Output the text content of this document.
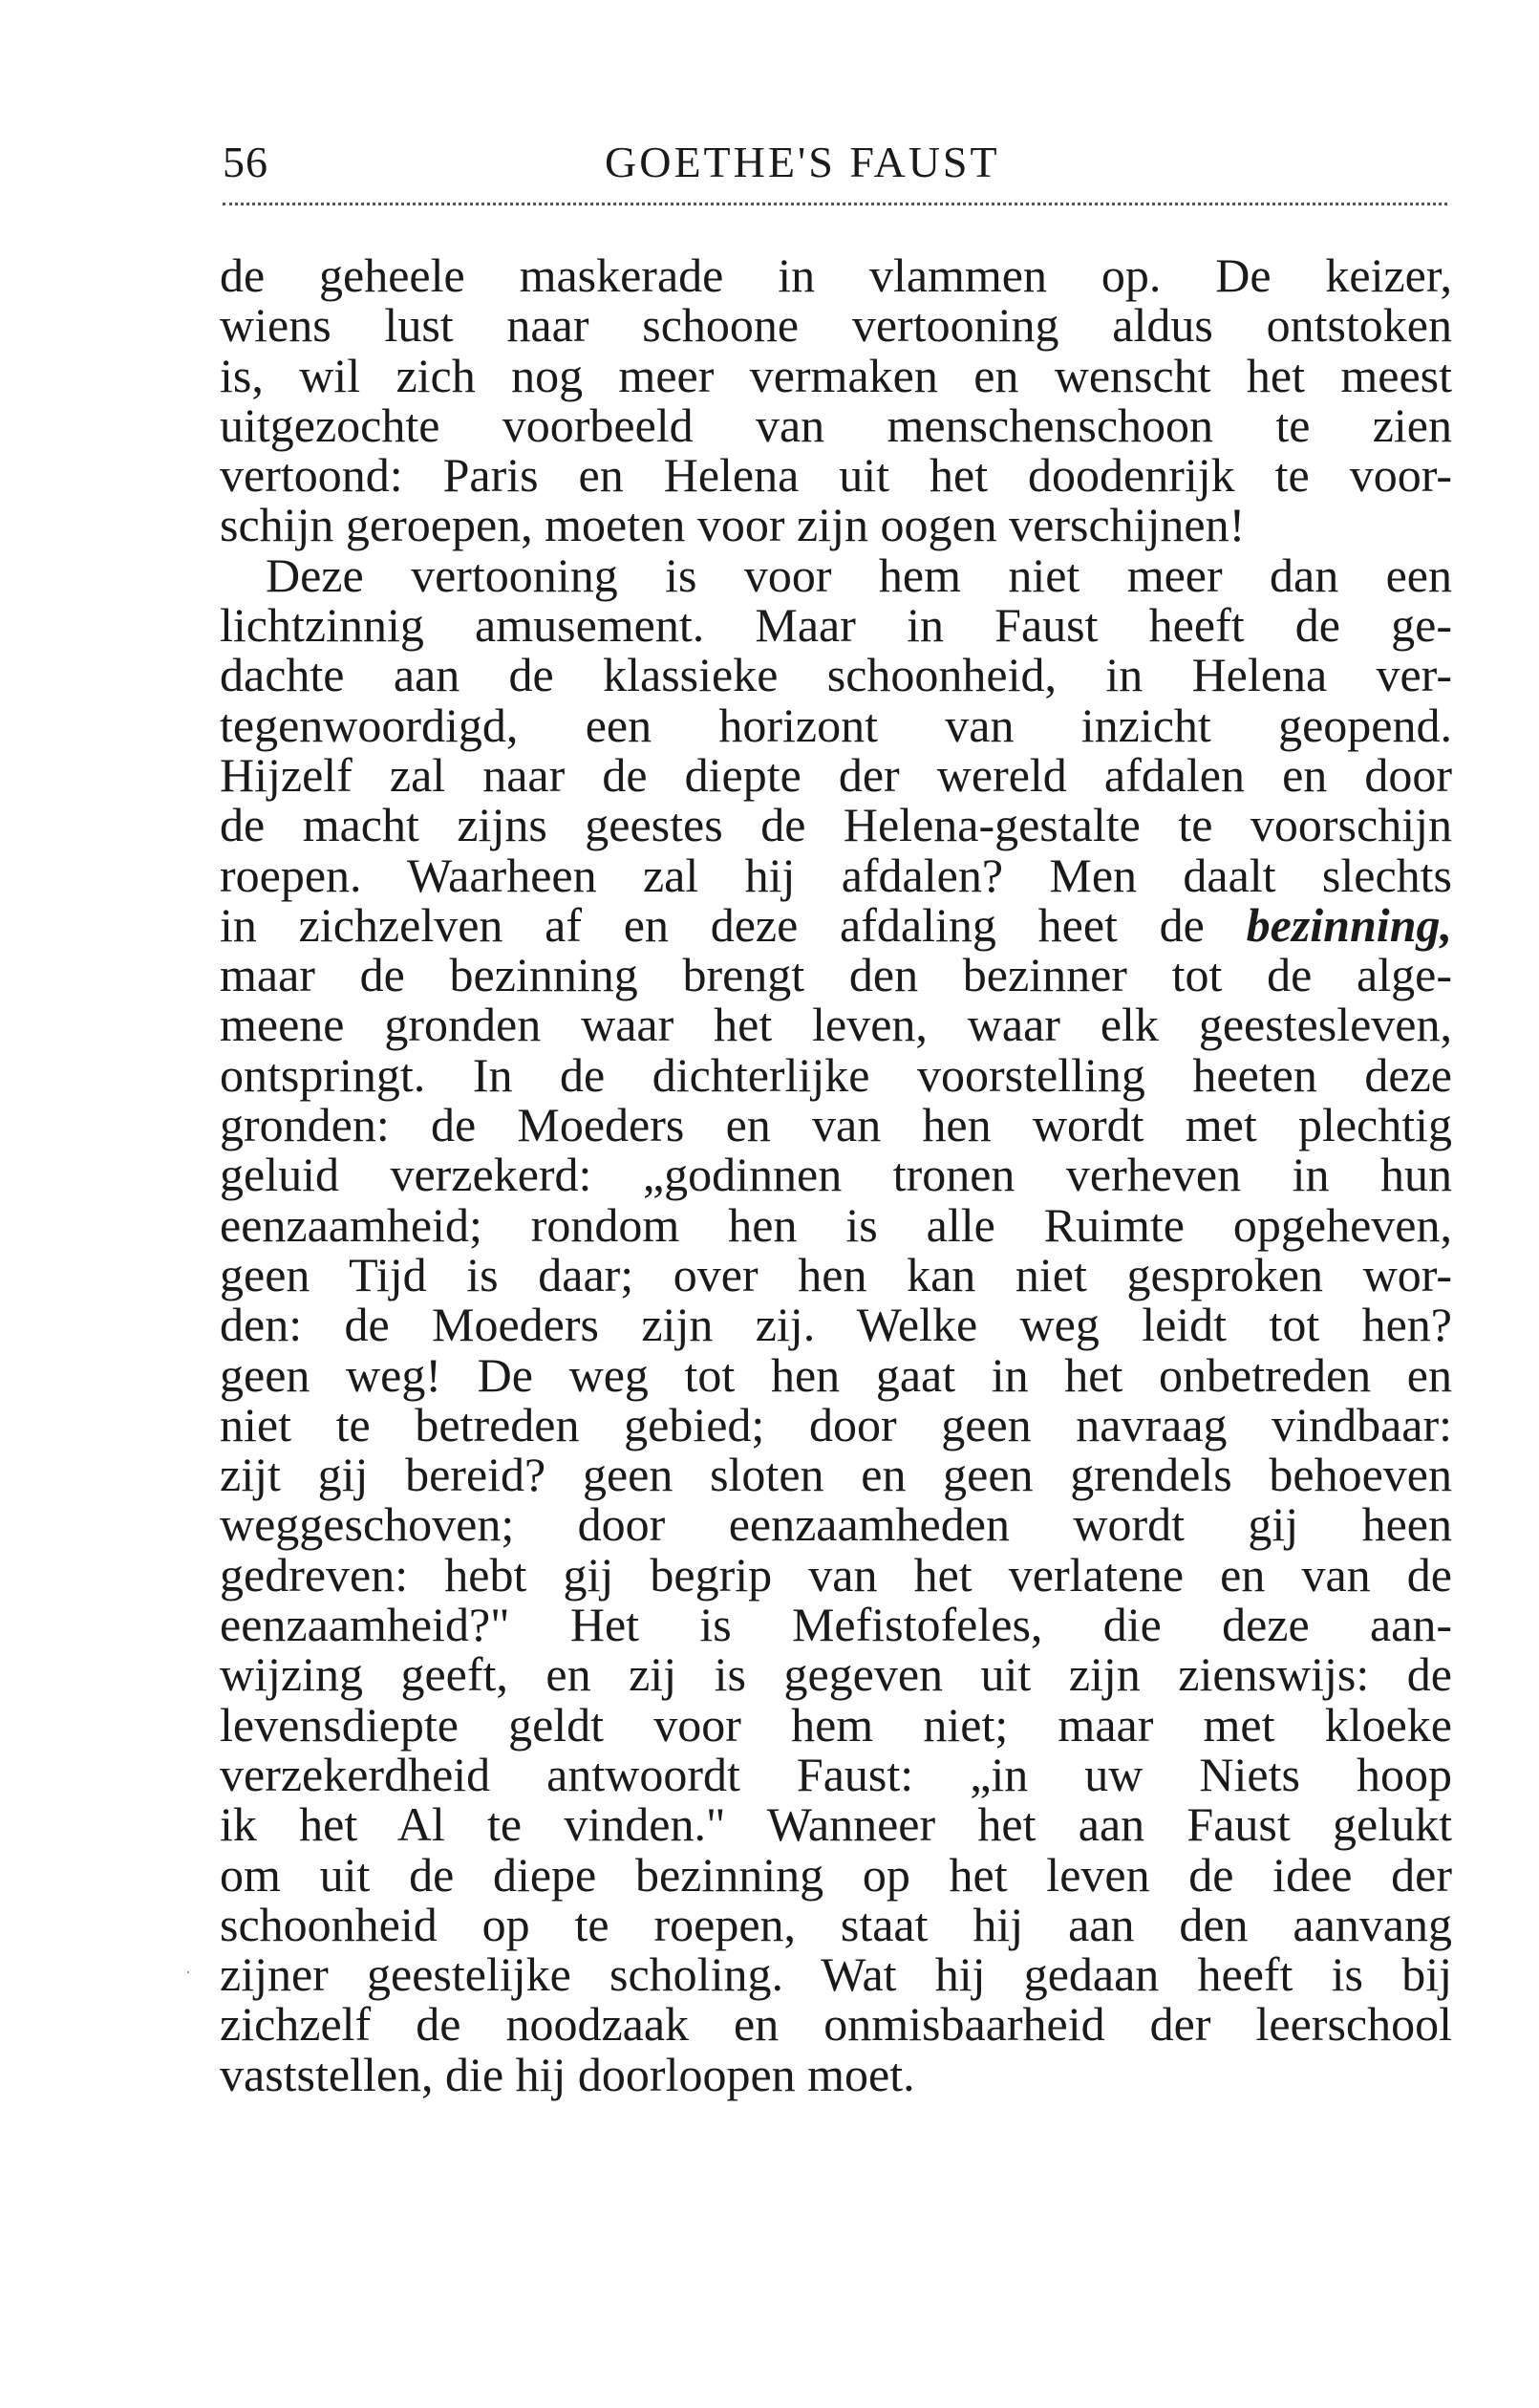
56	GOETHE'S FAUST
de geheele maskerade in vlammen op. De keizer,
wiens lust naar schoone vertooning aldus ontstoken
is, wil zich nog meer vermaken en wenscht het meest
uitgezochte voorbeeld van menschenschoon te zien
vertoond: Paris en Helena uit het doodenrijk te voor-
schijn geroepen, moeten voor zijn oogen verschijnen!
Deze vertooning is voor hem niet meer dan een
lichtzinnig amusement. Maar in Faust heeft de ge-
dachte aan de klassieke schoonheid, in Helena ver-
tegenwoordigd, een horizont van inzicht geopend.
Hijzelf zal naar de diepte der wereld afdalen en door
de macht zijns geestes de Helena-gestalte te voorschijn
roepen. Waarheen zal hij afdalen? Men daalt slechts
in zichzelven af en deze afdaling heet de bezinning,
maar de bezinning brengt den bezinner tot de alge-
meene gronden waar het leven, waar elk geestesleven,
ontspringt. In de dichterlijke voorstelling heeten deze
gronden: de Moeders en van hen wordt met plechtig
geluid verzekerd: „godinnen tronen verheven in hun
eenzaamheid; rondom hen is alle Ruimte opgeheven,
geen Tijd is daar; over hen kan niet gesproken wor-
den: de Moeders zijn zij. Welke weg leidt tot hen?
geen weg! De weg tot hen gaat in het onbetreden en
niet te betreden gebied; door geen navraag vindbaar:
zijt gij bereid? geen sloten en geen grendels behoeven
weggeschoven; door eenzaamheden wordt gij heen
gedreven: hebt gij begrip van het verlatene en van de
eenzaamheid?" Het is Mefistofeles, die deze aan-
wijzing geeft, en zij is gegeven uit zijn zienswijs: de
levensdiepte geldt voor hem niet; maar met kloeke
verzekerdheid antwoordt Faust: „in uw Niets hoop
ik het Al te vinden." Wanneer het aan Faust gelukt
om uit de diepe bezinning op het leven de idee der
schoonheid op te roepen, staat hij aan den aanvang
zijner geestelijke scholing. Wat hij gedaan heeft is bij
zichzelf de noodzaak en onmisbaarheid der leerschool
vaststellen, die hij doorloopen moet.
